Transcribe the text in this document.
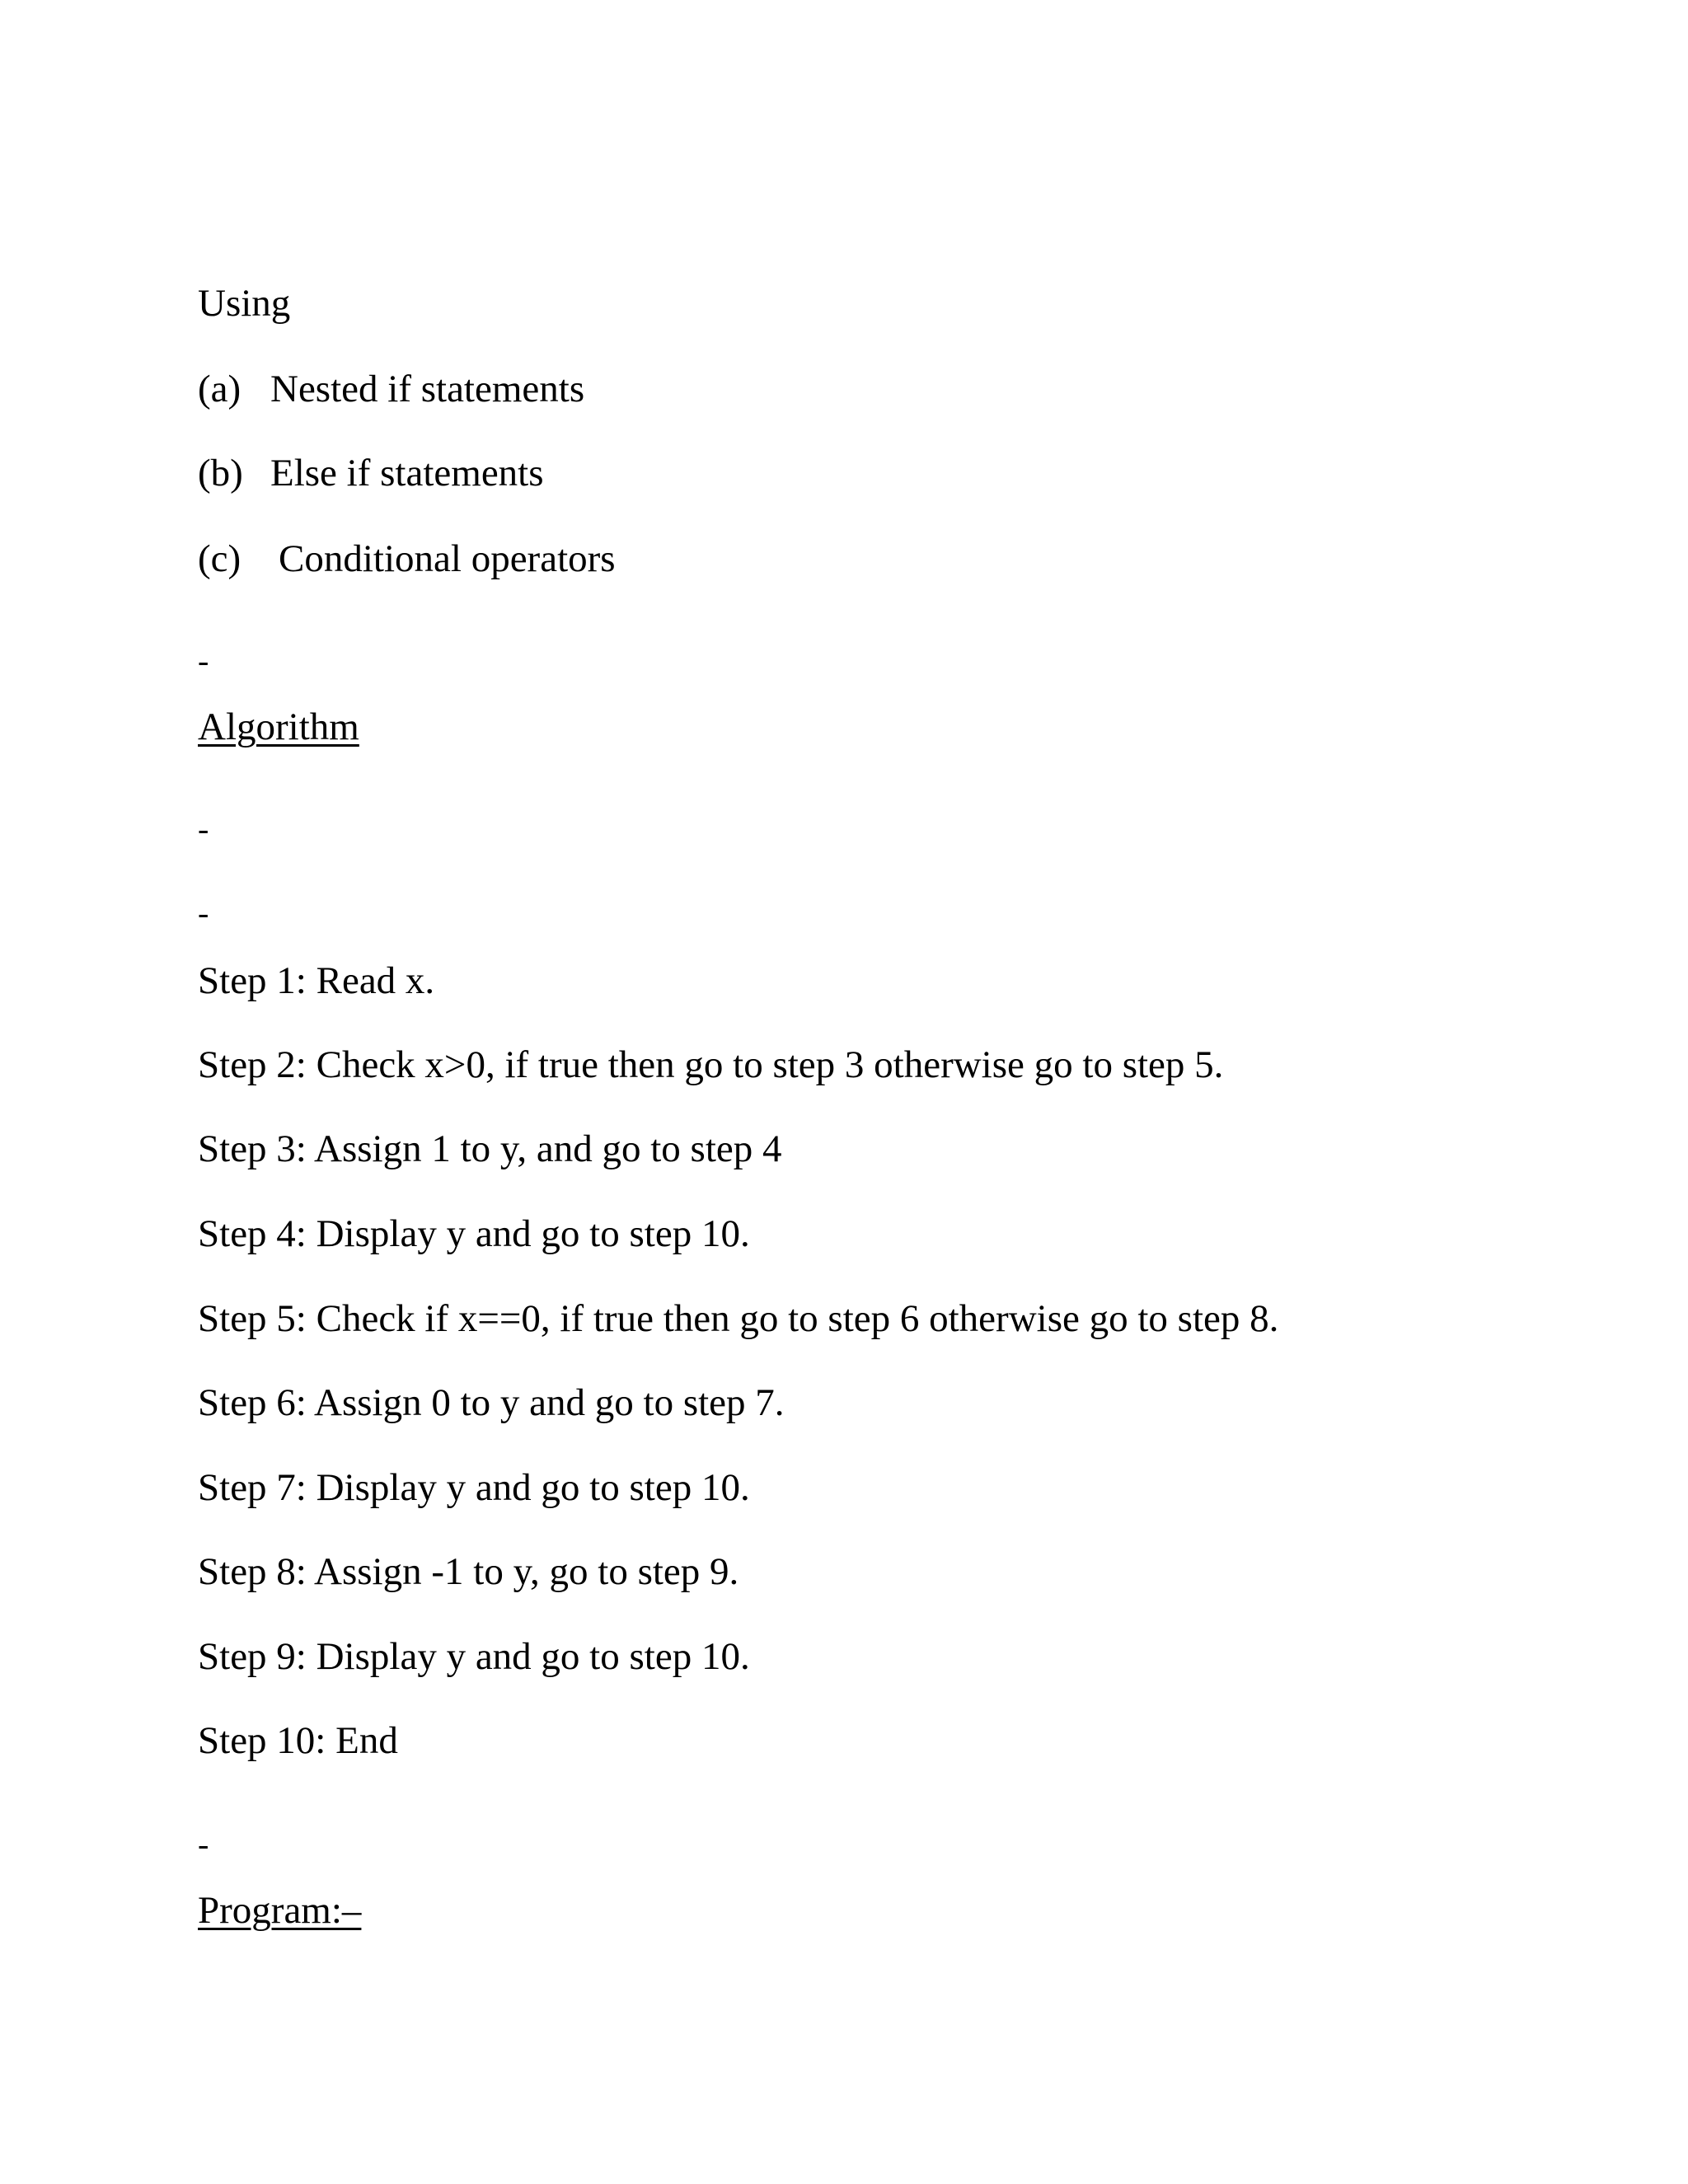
Using
(a) Nested if statements
(b) Else if statements
(c) Conditional operators
-
Algorithm
-
-
Step 1: Read x.
Step 2: Check x>0, if true then go to step 3 otherwise go to step 5.
Step 3: Assign 1 to y, and go to step 4
Step 4: Display y and go to step 10.
Step 5: Check if x==0, if true then go to step 6 otherwise go to step 8.
Step 6: Assign 0 to y and go to step 7.
Step 7: Display y and go to step 10.
Step 8: Assign -1 to y, go to step 9.
Step 9: Display y and go to step 10.
Step 10: End
-
Program:–
